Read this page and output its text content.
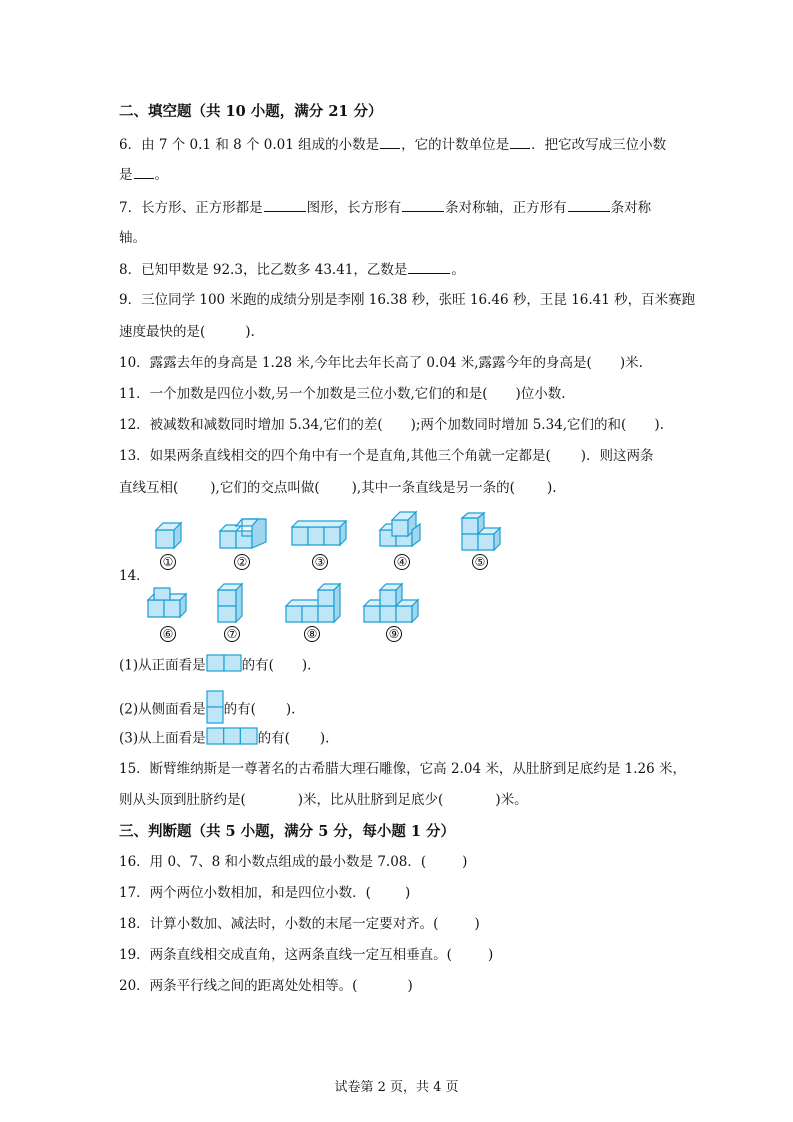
二、填空题（共 10 小题，满分 21 分）
6．由 7 个 0.1 和 8 个 0.01 组成的小数是 ，它的计数单位是 ．把它改写成三位小数
是 。
7．长方形、正方形都是	图形，长方形有	条对称轴，正方形有	条对称
轴。
8．已知甲数是 92.3，比乙数多 43.41，乙数是	。
9．三位同学 100 米跑的成绩分别是李刚 16.38 秒，张旺 16.46 秒，王昆 16.41 秒，百米赛跑
速度最快的是(	).
10．露露去年的身高是 1.28 米,今年比去年长高了 0.04 米,露露今年的身高是( )米.
11．一个加数是四位小数,另一个加数是三位小数,它们的和是( )位小数.
12．被减数和减数同时增加 5.34,它们的差( );两个加数同时增加 5.34,它们的和( ).
13．如果两条直线相交的四个角中有一个是直角,其他三个角就一定都是( )．则这两条
直线互相( ),它们的交点叫做( ),其中一条直线是另一条的( ).
14．
①	②	③	④	⑤
⑥	⑦	⑧	⑨
(1)从正面看是	的有( ).
(2)从侧面看是 的有( ).
(3)从上面看是	的有( ).
15．断臂维纳斯是一尊著名的古希腊大理石雕像，它高 2.04 米，从肚脐到足底约是 1.26 米，
则从头顶到肚脐约是(	)米，比从肚脐到足底少(	)米。
三、判断题（共 5 小题，满分 5 分，每小题 1 分）
16．用 0、7、8 和小数点组成的最小数是 7.08．(	)
17．两个两位小数相加，和是四位小数．(	)
18．计算小数加、减法时，小数的末尾一定要对齐。(	)
19．两条直线相交成直角，这两条直线一定互相垂直。(	)
20．两条平行线之间的距离处处相等。(	)
试卷第 2 页，共 4 页
